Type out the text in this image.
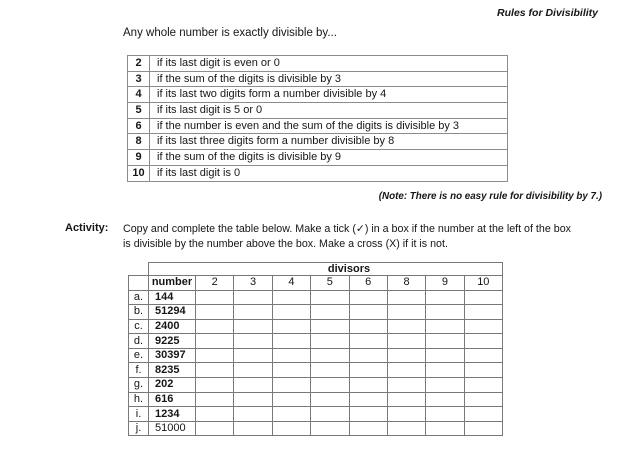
Rules for Divisibility
Any whole number is exactly divisible by...
2	if its last digit is even or 0
3	if the sum of the digits is divisible by 3
4	if its last two digits form a number divisible by 4
5	if its last digit is 5 or 0
6	if the number is even and the sum of the digits is divisible by 3
8	if its last three digits form a number divisible by 8
9	if the sum of the digits is divisible by 9
10	if its last digit is 0
(Note: There is no easy rule for divisibility by 7.)
Activity: Copy and complete the table below. Make a tick (✓) in a box if the number at the left of the box
is divisible by the number above the box. Make a cross (X) if it is not.
	divisors								
	number	2	3	4	5	6	8	9	10
a.	144								
b.	51294								
c.	2400								
d.	9225								
e.	30397								
f.	8235								
g.	202								
h.	616								
i.	1234								
j.	51000								
